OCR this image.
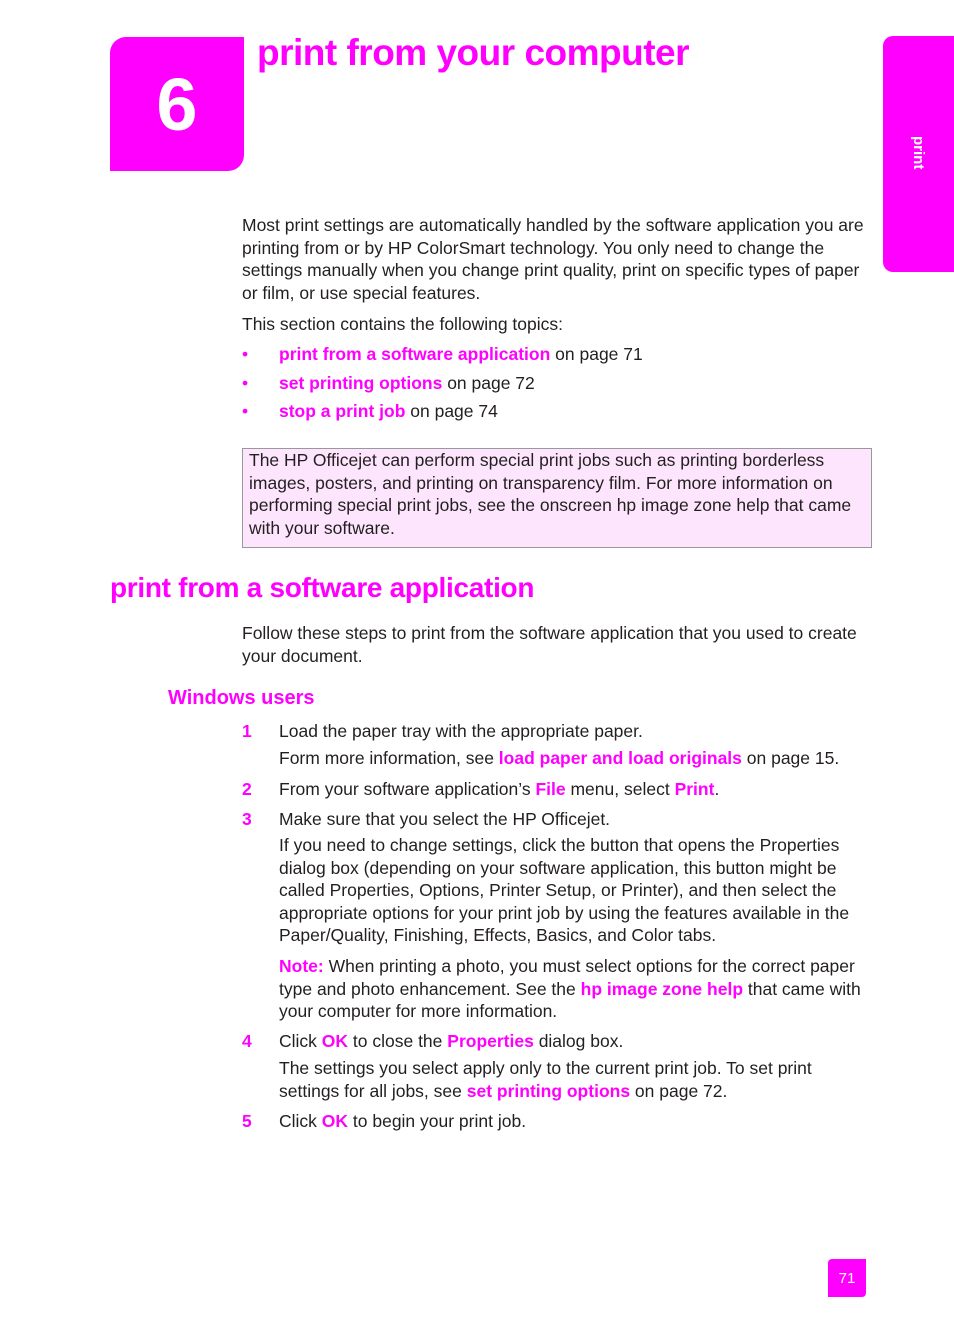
6
print from your computer
print

Most print settings are automatically handled by the software application you are printing from or by HP ColorSmart technology. You only need to change the settings manually when you change print quality, print on specific types of paper or film, or use special features.

This section contains the following topics:

• print from a software application on page 71
• set printing options on page 72
• stop a print job on page 74

The HP Officejet can perform special print jobs such as printing borderless images, posters, and printing on transparency film. For more information on performing special print jobs, see the onscreen hp image zone help that came with your software.

print from a software application

Follow these steps to print from the software application that you used to create your document.

Windows users
1 Load the paper tray with the appropriate paper.

Form more information, see load paper and load originals on page 15.

2 From your software application’s File menu, select Print.

3 Make sure that you select the HP Officejet.

If you need to change settings, click the button that opens the Properties dialog box (depending on your software application, this button might be called Properties, Options, Printer Setup, or Printer), and then select the appropriate options for your print job by using the features available in the Paper/Quality, Finishing, Effects, Basics, and Color tabs.

Note: When printing a photo, you must select options for the correct paper type and photo enhancement. See the hp image zone help that came with your computer for more information.

4 Click OK to close the Properties dialog box.

The settings you select apply only to the current print job. To set print settings for all jobs, see set printing options on page 72.

5 Click OK to begin your print job.

71
